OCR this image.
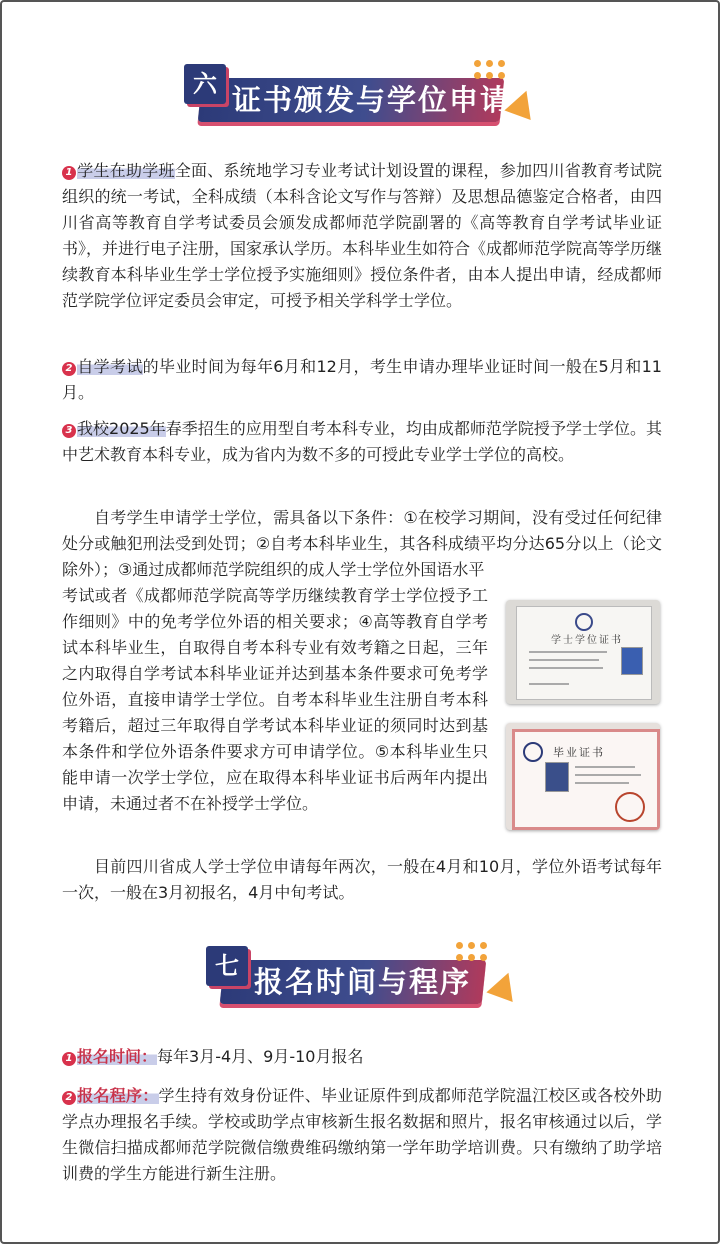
六 证书颁发与学位申请
1 学生在助学班全面、系统地学习专业考试计划设置的课程，参加四川省教育考试院组织的统一考试，全科成绩（本科含论文写作与答辩）及思想品德鉴定合格者，由四川省高等教育自学考试委员会颁发成都师范学院副署的《高等教育自学考试毕业证书》，并进行电子注册，国家承认学历。本科毕业生如符合《成都师范学院高等学历继续教育本科毕业生学士学位授予实施细则》授位条件者，由本人提出申请，经成都师范学院学位评定委员会审定，可授予相关学科学士学位。
2 自学考试的毕业时间为每年6月和12月，考生申请办理毕业证时间一般在5月和11月。
3 我校2025年春季招生的应用型自考本科专业，均由成都师范学院授予学士学位。其中艺术教育本科专业，成为省内为数不多的可授此专业学士学位的高校。
自考学生申请学士学位，需具备以下条件：①在校学习期间，没有受过任何纪律处分或触犯刑法受到处罚；②自考本科毕业生，其各科成绩平均分达65分以上（论文除外）；③通过成都师范学院组织的成人学士学位外国语水平
考试或者《成都师范学院高等学历继续教育学士学位授予工作细则》中的免考学位外语的相关要求；④高等教育自学考试本科毕业生，自取得自考本科专业有效考籍之日起，三年之内取得自学考试本科毕业证并达到基本条件要求可免考学位外语，直接申请学士学位。自考本科毕业生注册自考本科考籍后，超过三年取得自学考试本科毕业证的须同时达到基本条件和学位外语条件要求方可申请学位。⑤本科毕业生只能申请一次学士学位，应在取得本科毕业证书后两年内提出申请，未通过者不在补授学士学位。
学士学位证书
毕业证书
目前四川省成人学士学位申请每年两次，一般在4月和10月，学位外语考试每年一次，一般在3月初报名，4月中旬考试。
七 报名时间与程序
1 报名时间：每年3月-4月、9月-10月报名
2 报名程序：学生持有效身份证件、毕业证原件到成都师范学院温江校区或各校外助学点办理报名手续。学校或助学点审核新生报名数据和照片，报名审核通过以后，学生微信扫描成都师范学院微信缴费维码缴纳第一学年助学培训费。只有缴纳了助学培训费的学生方能进行新生注册。
